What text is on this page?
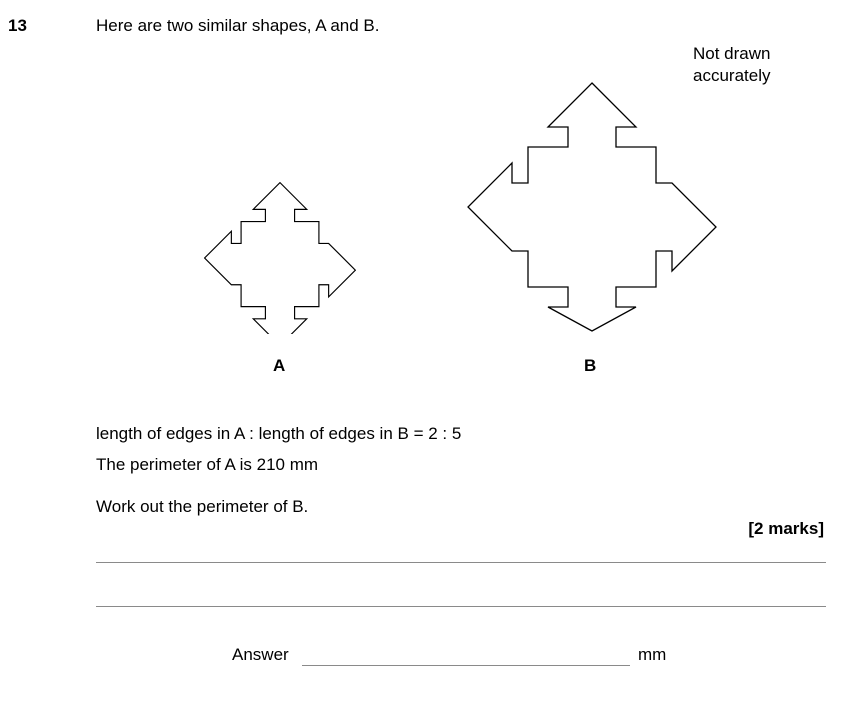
13	Here are two similar shapes, A and B.
Not drawn
accurately
A	B
length of edges in A : length of edges in B = 2 : 5
The perimeter of A is 210 mm
Work out the perimeter of B.
[2 marks]
Answer	mm
